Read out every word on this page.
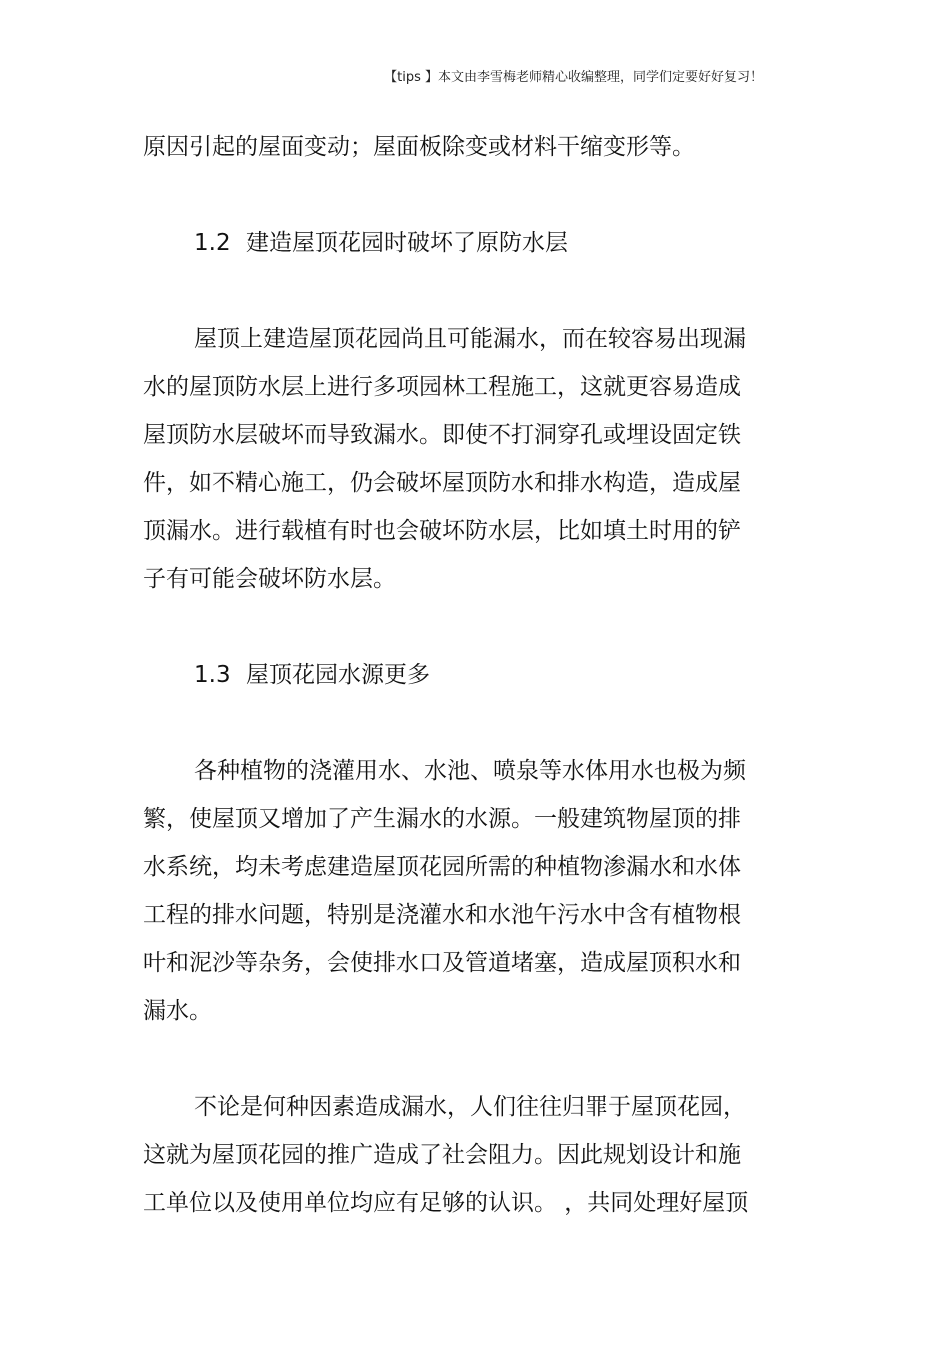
【tips 】本文由李雪梅老师精心收编整理，同学们定要好好复习！
原因引起的屋面变动；屋面板除变或材料干缩变形等。
1.2 建造屋顶花园时破坏了原防水层
屋顶上建造屋顶花园尚且可能漏水，而在较容易出现漏
水的屋顶防水层上进行多项园林工程施工，这就更容易造成
屋顶防水层破坏而导致漏水。即使不打洞穿孔或埋设固定铁
件，如不精心施工，仍会破坏屋顶防水和排水构造，造成屋
顶漏水。进行载植有时也会破坏防水层，比如填土时用的铲
子有可能会破坏防水层。
1.3 屋顶花园水源更多
各种植物的浇灌用水、水池、喷泉等水体用水也极为频
繁，使屋顶又增加了产生漏水的水源。一般建筑物屋顶的排
水系统，均未考虑建造屋顶花园所需的种植物渗漏水和水体
工程的排水问题，特别是浇灌水和水池午污水中含有植物根
叶和泥沙等杂务，会使排水口及管道堵塞，造成屋顶积水和
漏水。
不论是何种因素造成漏水，人们往往归罪于屋顶花园，
这就为屋顶花园的推广造成了社会阻力。因此规划设计和施
工单位以及使用单位均应有足够的认识。 ，共同处理好屋顶
